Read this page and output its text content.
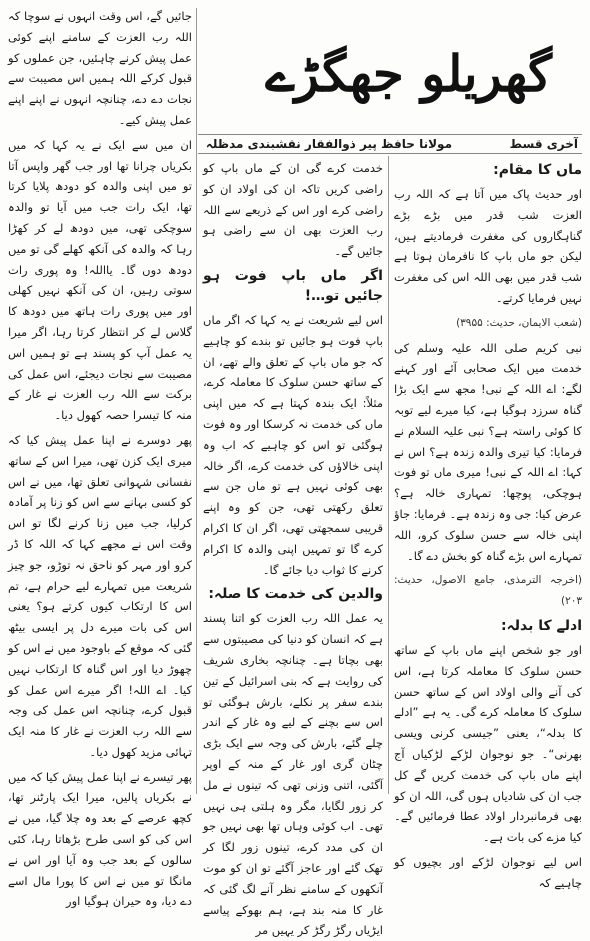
گھریلو جھگڑے
آخری قسط
مولانا حافظ پیر ذوالفقار نقشبندی مدظلہ
ماں کا مقام:

اور حدیث پاک میں آتا ہے کہ اللہ رب العزت شب قدر میں بڑے بڑے گناہگاروں کی مغفرت فرمادیتے ہیں، لیکن جو ماں باپ کا نافرمان ہوتا ہے شب قدر میں بھی اللہ اس کی مغفرت نہیں فرمایا کرتے۔

(شعب الایمان، حدیث: ۳۹۵۵)

نبی کریم صلی اللہ علیہ وسلم کی خدمت میں ایک صحابی آئے اور کہنے لگے: اے اللہ کے نبی! مجھ سے ایک بڑا گناہ سرزد ہوگیا ہے، کیا میرے لیے توبہ کا کوئی راستہ ہے؟ نبی علیہ السلام نے فرمایا: کیا تیری والدہ زندہ ہے؟ اس نے کہا: اے اللہ کے نبی! میری ماں تو فوت ہوچکی، پوچھا: تمہاری خالہ ہے؟ عرض کیا: جی وہ زندہ ہے۔ فرمایا: جاؤ اپنی خالہ سے حسن سلوک کرو، اللہ تمہارے اس بڑے گناہ کو بخش دے گا۔

(اخرجہ الترمذی، جامع الاصول، حدیث: ۲۰۳)

ادلے کا بدلہ:

اور جو شخص اپنے ماں باپ کے ساتھ حسن سلوک کا معاملہ کرتا ہے، اس کی آنے والی اولاد اس کے ساتھ حسن سلوک کا معاملہ کرے گی۔ یہ ہے ”ادلے کا بدلہ“، یعنی ”جیسی کرنی ویسی بھرنی“۔ جو نوجوان لڑکے لڑکیاں آج اپنے ماں باپ کی خدمت کریں گے کل جب ان کی شادیاں ہوں گی، اللہ ان کو بھی فرمانبردار اولاد عطا فرمائیں گے۔ کیا مزے کی بات ہے۔

اس لیے نوجوان لڑکے اور بچیوں کو چاہیے کہ

خدمت کرے گی ان کے ماں باپ کو راضی کریں تاکہ ان کی اولاد ان کو راضی کرے اور اس کے ذریعے سے اللہ رب العزت بھی ان سے راضی ہو جائیں گے۔

اگر ماں باپ فوت ہو جائیں تو…!

اس لیے شریعت نے یہ کہا کہ اگر ماں باپ فوت ہو جائیں تو بندے کو چاہیے کہ جو ماں باپ کے تعلق والے تھے، ان کے ساتھ حسن سلوک کا معاملہ کرے، مثلاً: ایک بندہ کہتا ہے کہ میں اپنی ماں کی خدمت نہ کرسکا اور وہ فوت ہوگئی تو اس کو چاہیے کہ اب وہ اپنی خالاؤں کی خدمت کرے، اگر خالہ بھی کوئی نہیں ہے تو ماں جن سے تعلق رکھتی تھی، جن کو وہ اپنے قریبی سمجھتی تھی، اگر ان کا اکرام کرے گا تو تمہیں اپنی والدہ کا اکرام کرنے کا ثواب دیا جائے گا۔

والدین کی خدمت کا صلہ:

یہ عمل اللہ رب العزت کو اتنا پسند ہے کہ انسان کو دنیا کی مصیبتوں سے بھی بچاتا ہے۔ چنانچہ بخاری شریف کی روایت ہے کہ بنی اسرائیل کے تین بندے سفر پر نکلے، بارش ہوگئی تو اس سے بچنے کے لیے وہ غار کے اندر چلے گئے، بارش کی وجہ سے ایک بڑی چٹان گری اور غار کے منہ کے اوپر آگئی، اتنی وزنی تھی کہ تینوں نے مل کر زور لگایا، مگر وہ ہلتی ہی نہیں تھی۔ اب کوئی وہاں تھا بھی نہیں جو ان کی مدد کرے، تینوں زور لگا کر تھک گئے اور عاجز آگئے تو ان کو موت آنکھوں کے سامنے نظر آنے لگ گئی کہ غار کا منہ بند ہے، ہم بھوکے پیاسے ایڑیاں رگڑ رگڑ کر یہیں مر

جائیں گے، اس وقت انہوں نے سوچا کہ اللہ رب العزت کے سامنے اپنے کوئی عمل پیش کرنے چاہئیں، جن عملوں کو قبول کرکے اللہ ہمیں اس مصیبت سے نجات دے دے، چنانچہ انہوں نے اپنے اپنے عمل پیش کیے۔

ان میں سے ایک نے یہ کہا کہ میں بکریاں چرانا تھا اور جب گھر واپس آتا تو میں اپنی والدہ کو دودھ پلایا کرتا تھا، ایک رات جب میں آیا تو والدہ سوچکی تھی، میں دودھ لے کر کھڑا رہا کہ والدہ کی آنکھ کھلے گی تو میں دودھ دوں گا۔ یااللہ! وہ پوری رات سوتی رہیں، ان کی آنکھ نہیں کھلی اور میں پوری رات ہاتھ میں دودھ کا گلاس لے کر انتظار کرتا رہا، اگر میرا یہ عمل آپ کو پسند ہے تو ہمیں اس مصیبت سے نجات دیجئے، اس عمل کی برکت سے اللہ رب العزت نے غار کے منہ کا تیسرا حصہ کھول دیا۔

پھر دوسرے نے اپنا عمل پیش کیا کہ میری ایک کزن تھی، میرا اس کے ساتھ نفسانی شہوانی تعلق تھا، میں نے اس کو کسی بہانے سے اس کو زنا پر آمادہ کرلیا، جب میں زنا کرنے لگا تو اس وقت اس نے مجھے کہا کہ اللہ کا ڈر کرو اور مہر کو ناحق نہ توڑو، جو چیز شریعت میں تمہارے لیے حرام ہے، تم اس کا ارتکاب کیوں کرتے ہو؟ یعنی اس کی بات میرے دل پر ایسی بیٹھ گئی کہ موقع کے باوجود میں نے اس کو چھوڑ دیا اور اس گناہ کا ارتکاب نہیں کیا۔ اے اللہ! اگر میرے اس عمل کو قبول کرے، چنانچہ اس عمل کی وجہ سے اللہ رب العزت نے غار کا منہ ایک تہائی مزید کھول دیا۔

پھر تیسرے نے اپنا عمل پیش کیا کہ میں نے بکریاں پالیں، میرا ایک پارٹنر تھا، کچھ عرصے کے بعد وہ چلا گیا، میں نے اس کی کو اسی طرح بڑھاتا رہا، کئی سالوں کے بعد جب وہ آیا اور اس نے مانگا تو میں نے اس کا پورا مال اسے دے دیا، وہ حیران ہوگیا اور
